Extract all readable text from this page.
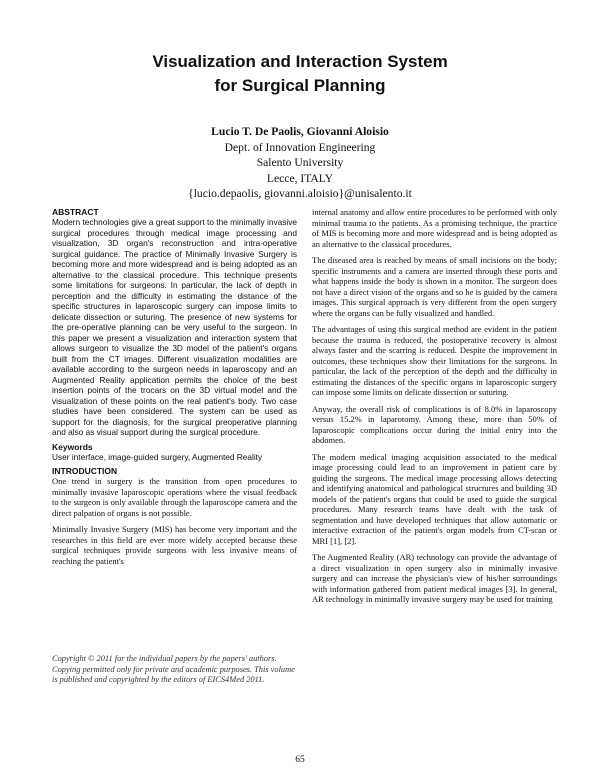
Visualization and Interaction System
for Surgical Planning
Lucio T. De Paolis, Giovanni Aloisio
Dept. of Innovation Engineering
Salento University
Lecce, ITALY
{lucio.depaolis, giovanni.aloisio}@unisalento.it

ABSTRACT

Modern technologies give a great support to the minimally invasive surgical procedures through medical image processing and visualization, 3D organ's reconstruction and intra-operative surgical guidance. The practice of Minimally Invasive Surgery is becoming more and more widespread and is being adopted as an alternative to the classical procedure. This technique presents some limitations for surgeons. In particular, the lack of depth in perception and the difficulty in estimating the distance of the specific structures in laparoscopic surgery can impose limits to delicate dissection or suturing. The presence of new systems for the pre-operative planning can be very useful to the surgeon. In this paper we present a visualization and interaction system that allows surgeon to visualize the 3D model of the patient's organs built from the CT images. Different visualization modalities are available according to the surgeon needs in laparoscopy and an Augmented Reality application permits the choice of the best insertion points of the trocars on the 3D virtual model and the visualization of these points on the real patient's body. Two case studies have been considered. The system can be used as support for the diagnosis, for the surgical preoperative planning and also as visual support during the surgical procedure.

Keywords

User interface, image-guided surgery, Augmented Reality

INTRODUCTION

One trend in surgery is the transition from open procedures to minimally invasive laparoscopic operations where the visual feedback to the surgeon is only available through the laparoscope camera and the direct palpation of organs is not possible.

Minimally Invasive Surgery (MIS) has become very important and the researches in this field are ever more widely accepted because these surgical techniques provide surgeons with less invasive means of reaching the patient's

Copyright © 2011 for the individual papers by the papers' authors. Copying permitted only for private and academic purposes. This volume is published and copyrighted by the editors of EICS4Med 2011.

internal anatomy and allow entire procedures to be performed with only minimal trauma to the patients. As a promising technique, the practice of MIS is becoming more and more widespread and is being adopted as an alternative to the classical procedures.

The diseased area is reached by means of small incisions on the body; specific instruments and a camera are inserted through these ports and what happens inside the body is shown in a monitor. The surgeon does not have a direct vision of the organs and so he is guided by the camera images. This surgical approach is very different from the open surgery where the organs can be fully visualized and handled.

The advantages of using this surgical method are evident in the patient because the trauma is reduced, the postoperative recovery is almost always faster and the scarring is reduced. Despite the improvement in outcomes, these techniques show their limitations for the surgeons. In particular, the lack of the perception of the depth and the difficulty in estimating the distances of the specific organs in laparoscopic surgery can impose some limits on delicate dissection or suturing.

Anyway, the overall risk of complications is of 8.0% in laparoscopy versus 15.2% in laparotomy. Among these, more than 50% of laparoscopic complications occur during the initial entry into the abdomen.

The modern medical imaging acquisition associated to the medical image processing could lead to an improvement in patient care by guiding the surgeons. The medical image processing allows detecting and identifying anatomical and pathological structures and building 3D models of the patient's organs that could be used to guide the surgical procedures. Many research teams have dealt with the task of segmentation and have developed techniques that allow automatic or interactive extraction of the patient's organ models from CT-scan or MRI [1], [2].

The Augmented Reality (AR) technology can provide the advantage of a direct visualization in open surgery also in minimally invasive surgery and can increase the physician's view of his/her surroundings with information gathered from patient medical images [3]. In general, AR technology in minimally invasive surgery may be used for training

65
